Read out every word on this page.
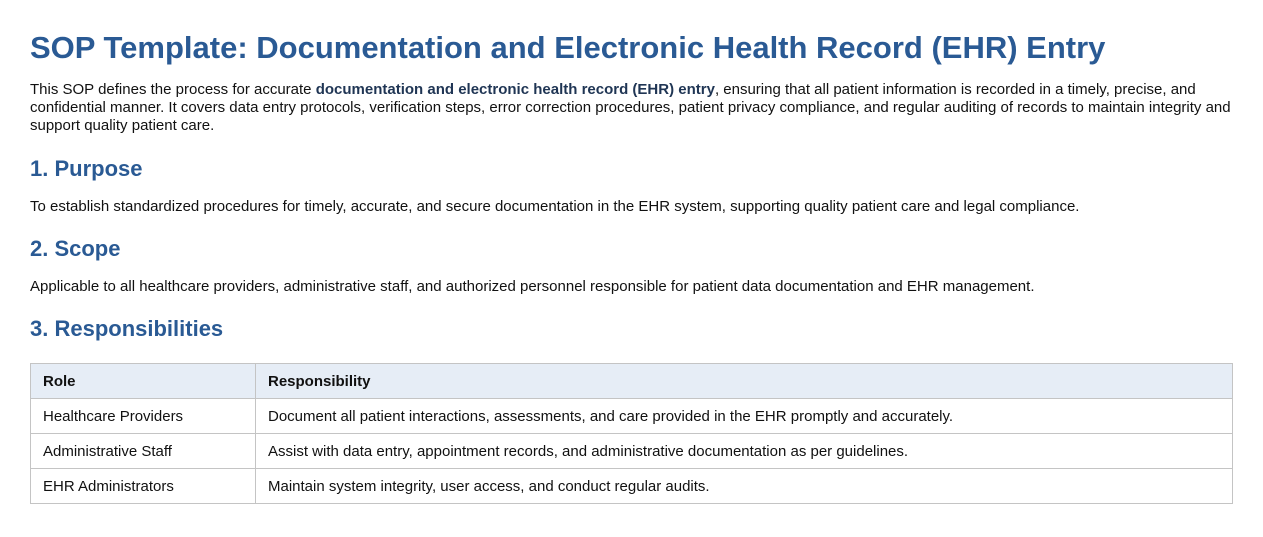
SOP Template: Documentation and Electronic Health Record (EHR) Entry

This SOP defines the process for accurate documentation and electronic health record (EHR) entry, ensuring that all patient information is recorded in a timely, precise, and confidential manner. It covers data entry protocols, verification steps, error correction procedures, patient privacy compliance, and regular auditing of records to maintain integrity and support quality patient care.

1. Purpose

To establish standardized procedures for timely, accurate, and secure documentation in the EHR system, supporting quality patient care and legal compliance.

2. Scope

Applicable to all healthcare providers, administrative staff, and authorized personnel responsible for patient data documentation and EHR management.

3. Responsibilities
Role	Responsibility
Healthcare Providers	Document all patient interactions, assessments, and care provided in the EHR promptly and accurately.
Administrative Staff	Assist with data entry, appointment records, and administrative documentation as per guidelines.
EHR Administrators	Maintain system integrity, user access, and conduct regular audits.
